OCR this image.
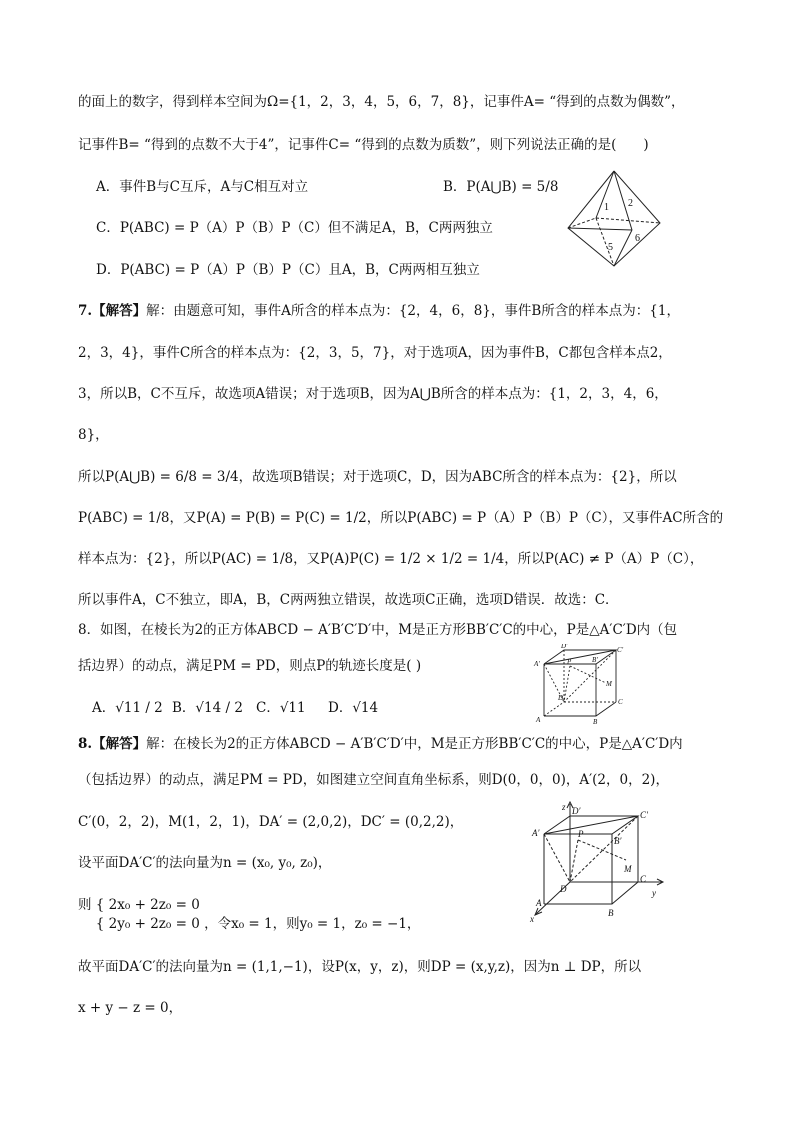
的面上的数字，得到样本空间为Ω={1，2，3，4，5，6，7，8}，记事件A= “得到的点数为偶数”，
记事件B= “得到的点数不大于4”，记事件C= “得到的点数为质数”，则下列说法正确的是(　　)
A．事件B与C互斥，A与C相互对立	B．P(A⋃B) = 5/8
C．P(ABC) = P（A）P（B）P（C）但不满足A，B，C两两独立
D．P(ABC) = P（A）P（B）P（C）且A，B，C两两相互独立
7.【解答】解：由题意可知，事件A所含的样本点为：{2，4，6，8}，事件B所含的样本点为：{1，
2，3，4}，事件C所含的样本点为：{2，3，5，7}，对于选项A，因为事件B，C都包含样本点2，
3，所以B，C不互斥，故选项A错误；对于选项B，因为A⋃B所含的样本点为：{1，2，3，4，6，
8}，
所以P(A⋃B) = 6/8 = 3/4，故选项B错误；对于选项C，D，因为ABC所含的样本点为：{2}，所以
P(ABC) = 1/8，又P(A) = P(B) = P(C) = 1/2，所以P(ABC) = P（A）P（B）P（C），又事件AC所含的
样本点为：{2}，所以P(AC) = 1/8，又P(A)P(C) = 1/2 × 1/2 = 1/4，所以P(AC) ≠ P（A）P（C），
所以事件A，C不独立，即A，B，C两两独立错误，故选项C正确，选项D错误．故选：C．
8．如图，在棱长为2的正方体ABCD − A′B′C′D′中，M是正方形BB′C′C的中心，P是△A′C′D内（包
括边界）的动点，满足PM = PD，则点P的轨迹长度是( )
A．√11 / 2 B．√14 / 2 C．√11 D．√14
8.【解答】解：在棱长为2的正方体ABCD − A′B′C′D′中，M是正方形BB′C′C的中心，P是△A′C′D内
（包括边界）的动点，满足PM = PD，如图建立空间直角坐标系，则D(0，0，0)，A′(2，0，2)，
C′(0，2，2)，M(1，2，1)，DA′ = (2,0,2)，DC′ = (0,2,2)，
设平面DA′C′的法向量为n = (x₀, y₀, z₀)，
则 { 2x₀ + 2z₀ = 0
　 { 2y₀ + 2z₀ = 0 ，令x₀ = 1，则y₀ = 1，z₀ = −1，
故平面DA′C′的法向量为n = (1,1,−1)，设P(x，y，z)，则DP = (x,y,z)，因为n ⊥ DP，所以
x + y − z = 0，
1 2
5
6
D′	C′
A′	B′
P
M
C
D
A	B
z D′	C′
A′
B′
P
M
C
D
A
B
x
y
